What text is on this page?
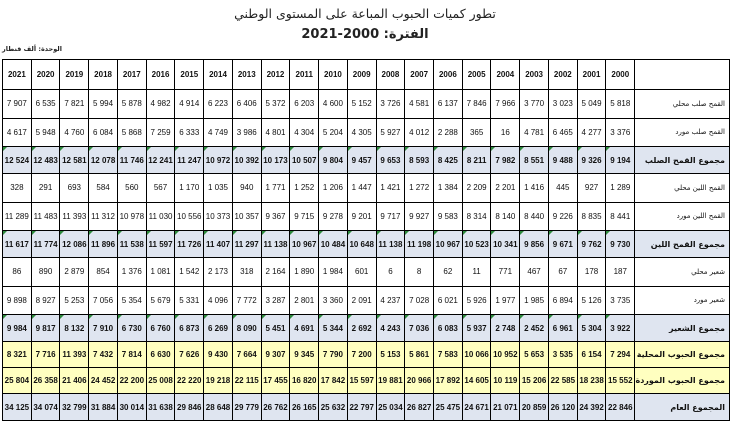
تطور كميات الحبوب المباعة على المستوى الوطني
الفترة: 2000-2021
الوحدة: ألف قنطار
2021	2020	2019	2018	2017	2016	2015	2014	2013	2012	2011	2010	2009	2008	2007	2006	2005	2004	2003	2002	2001	2000	
7 907	6 535	7 821	5 994	5 878	4 982	4 914	6 223	6 406	5 372	6 203	4 600	5 152	3 726	4 581	6 137	7 846	7 966	3 770	3 023	5 049	5 818	القمح صلب محلي
4 617	5 948	4 760	6 084	5 868	7 259	6 333	4 749	3 986	4 801	4 304	5 204	4 305	5 927	4 012	2 288	365	16	4 781	6 465	4 277	3 376	القمح صلب مورد
12 524	12 483	12 581	12 078	11 746	12 241	11 247	10 972	10 392	10 173	10 507	9 804	9 457	9 653	8 593	8 425	8 211	7 982	8 551	9 488	9 326	9 194	مجموع القمح الصلب
328	291	693	584	560	567	1 170	1 035	940	1 771	1 252	1 206	1 447	1 421	1 272	1 384	2 209	2 201	1 416	445	927	1 289	القمح اللين محلي
11 289	11 483	11 393	11 312	10 978	11 030	10 556	10 373	10 357	9 367	9 715	9 278	9 201	9 717	9 927	9 583	8 314	8 140	8 440	9 226	8 835	8 441	القمح اللين مورد
11 617	11 774	12 086	11 896	11 538	11 597	11 726	11 407	11 297	11 138	10 967	10 484	10 648	11 138	11 198	10 967	10 523	10 341	9 856	9 671	9 762	9 730	مجموع القمح اللين
86	890	2 879	854	1 376	1 081	1 542	2 173	318	2 164	1 890	1 984	601	6	8	62	11	771	467	67	178	187	شعير محلي
9 898	8 927	5 253	7 056	5 354	5 679	5 331	4 096	7 772	3 287	2 801	3 360	2 091	4 237	7 028	6 021	5 926	1 977	1 985	6 894	5 126	3 735	شعير مورد
9 984	9 817	8 132	7 910	6 730	6 760	6 873	6 269	8 090	5 451	4 691	5 344	2 692	4 243	7 036	6 083	5 937	2 748	2 452	6 961	5 304	3 922	مجموع الشعير
8 321	7 716	11 393	7 432	7 814	6 630	7 626	9 430	7 664	9 307	9 345	7 790	7 200	5 153	5 861	7 583	10 066	10 952	5 653	3 535	6 154	7 294	مجموع الحبوب المحلية
25 804	26 358	21 406	24 452	22 200	25 008	22 220	19 218	22 115	17 455	16 820	17 842	15 597	19 881	20 966	17 892	14 605	10 119	15 206	22 585	18 238	15 552	مجموع الحبوب الموردة
34 125	34 074	32 799	31 884	30 014	31 638	29 846	28 648	29 779	26 762	26 165	25 632	22 797	25 034	26 827	25 475	24 671	21 071	20 859	26 120	24 392	22 846	المجموع العام
